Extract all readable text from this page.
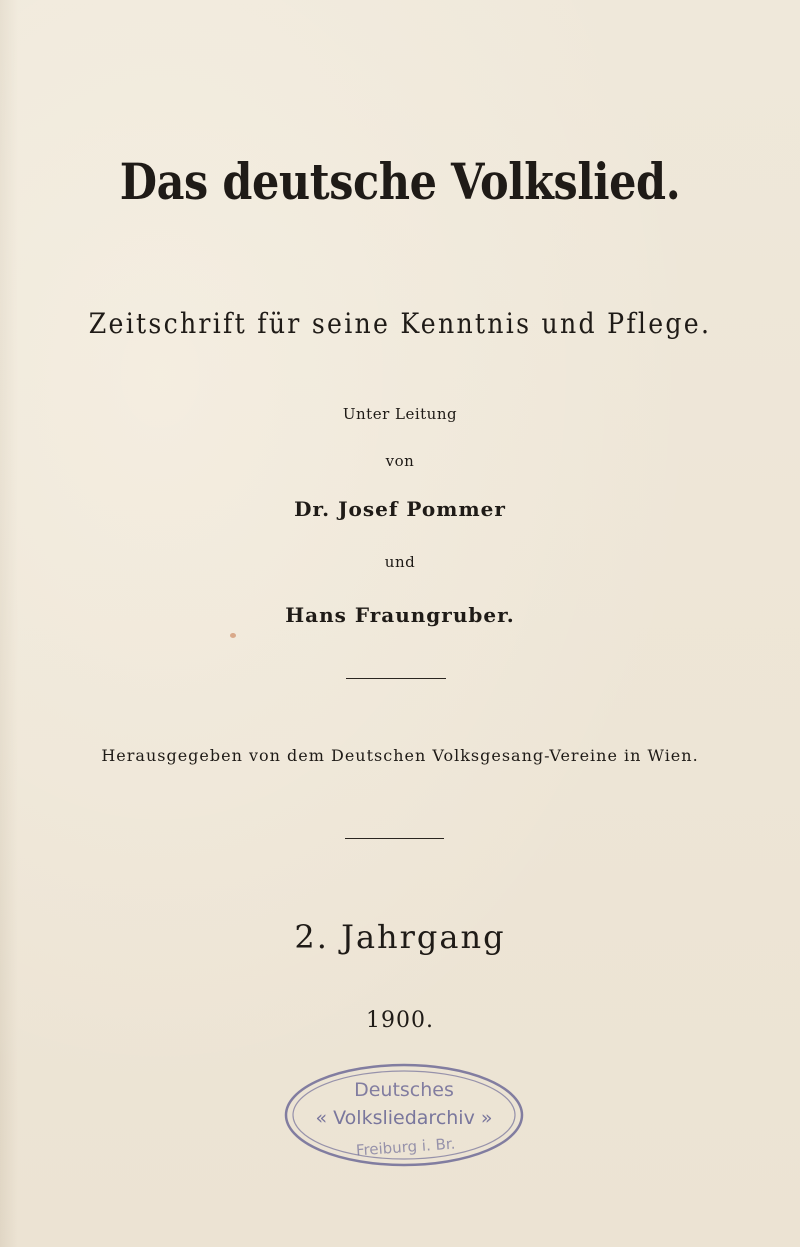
Das deutsche Volkslied.
Zeitschrift für seine Kenntnis und Pflege.
Unter Leitung
von
Dr. Josef Pommer
und
Hans Fraungruber.
Herausgegeben von dem Deutschen Volksgesang-Vereine in Wien.
2. Jahrgang
1900.
Deutsches
« Volksliedarchiv »
Freiburg i. Br.
